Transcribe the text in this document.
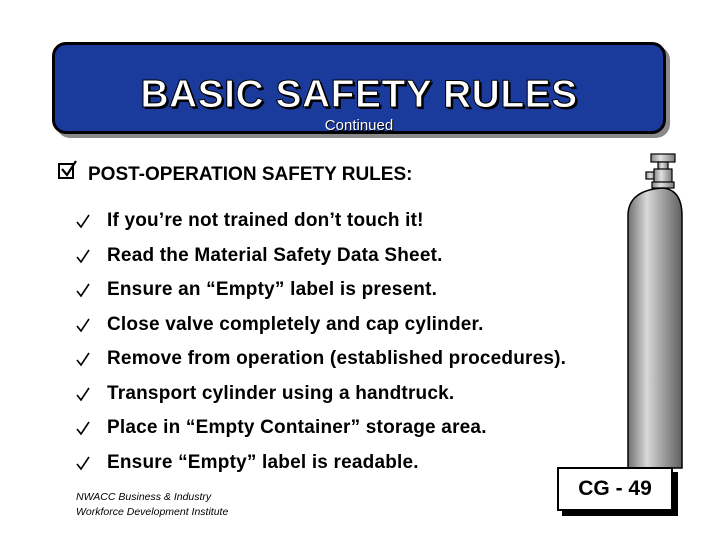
BASIC SAFETY RULES
Continued
POST-OPERATION SAFETY RULES:
If you’re not trained don’t touch it!
Read the Material Safety Data Sheet.
Ensure an “Empty” label is present.
Close valve completely and cap cylinder.
Remove from operation (established procedures).
Transport cylinder using a handtruck.
Place in “Empty Container” storage area.
Ensure “Empty” label is readable.
NWACC Business & Industry
Workforce Development Institute
CG - 49
